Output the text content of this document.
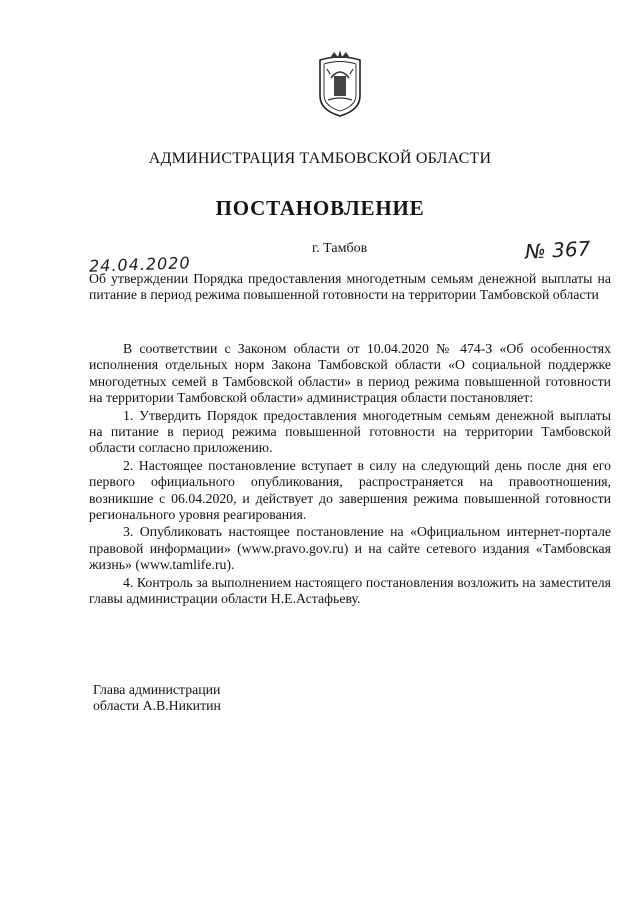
АДМИНИСТРАЦИЯ ТАМБОВСКОЙ ОБЛАСТИ
ПОСТАНОВЛЕНИЕ
г. Тамбов
24.04.2020
№ 367
Об утверждении Порядка предоставления многодетным семьям денежной выплаты на питание в период режима повышенной готовности на территории Тамбовской области

В соответствии с Законом области от 10.04.2020 № 474-З «Об особенностях исполнения отдельных норм Закона Тамбовской области «О социальной поддержке многодетных семей в Тамбовской области» в период режима повышенной готовности на территории Тамбовской области» администрация области постановляет:

1. Утвердить Порядок предоставления многодетным семьям денежной выплаты на питание в период режима повышенной готовности на территории Тамбовской области согласно приложению.

2. Настоящее постановление вступает в силу на следующий день после дня его первого официального опубликования, распространяется на правоотношения, возникшие с 06.04.2020, и действует до завершения режима повышенной готовности регионального уровня реагирования.

3. Опубликовать настоящее постановление на «Официальном интернет-портале правовой информации» (www.pravo.gov.ru) и на сайте сетевого издания «Тамбовская жизнь» (www.tamlife.ru).

4. Контроль за выполнением настоящего постановления возложить на заместителя главы администрации области Н.Е.Астафьеву.

Глава администрации
области А.В.Никитин
